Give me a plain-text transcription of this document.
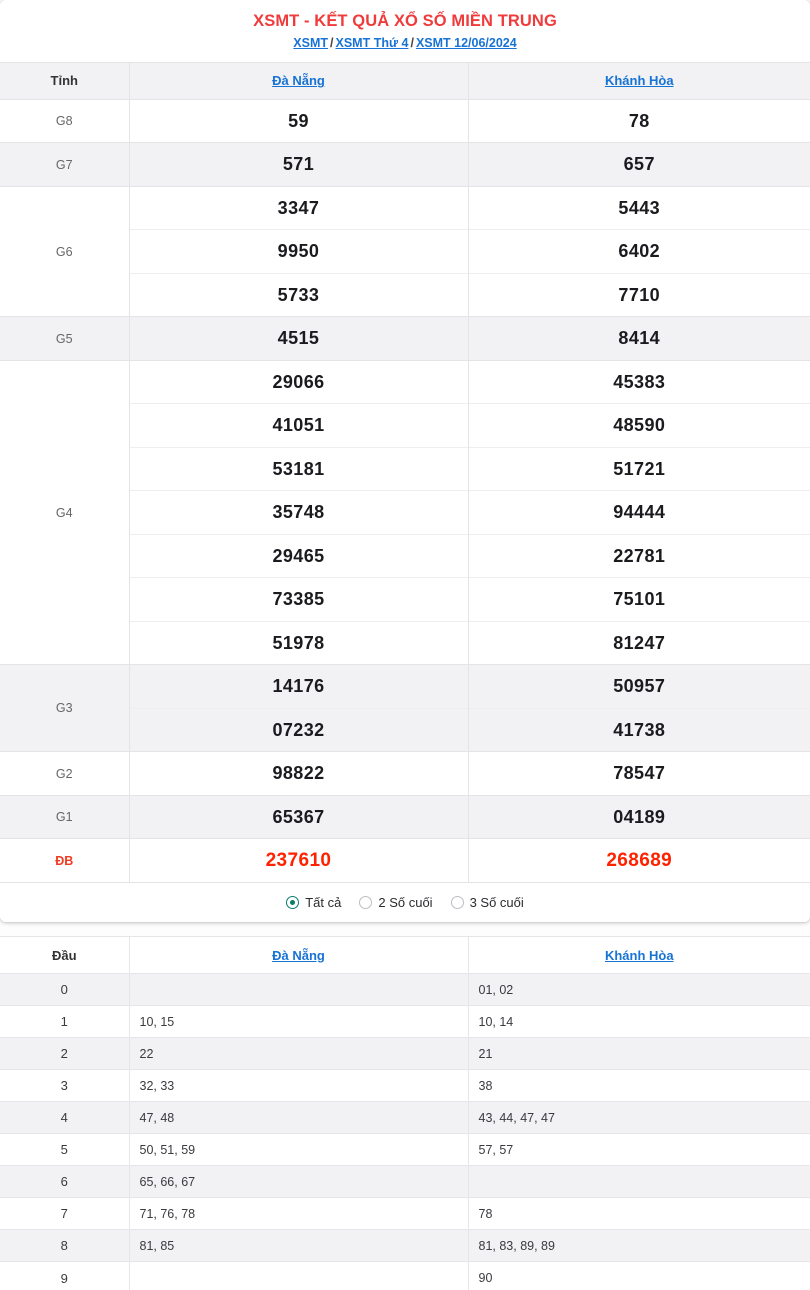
XSMT - KẾT QUẢ XỔ SỐ MIỀN TRUNG
XSMT / XSMT Thứ 4 / XSMT 12/06/2024
Tỉnh	Đà Nẵng	Khánh Hòa
G8	59	78
G7	571	657
G6	3347	5443
	9950	6402
	5733	7710
G5	4515	8414
G4	29066	45383
	41051	48590
	53181	51721
	35748	94444
	29465	22781
	73385	75101
	51978	81247
G3	14176	50957
	07232	41738
G2	98822	78547
G1	65367	04189
ĐB	237610	268689
Tất cả	2 Số cuối	3 Số cuối
Đầu	Đà Nẵng	Khánh Hòa
0		01, 02
1	10, 15	10, 14
2	22	21
3	32, 33	38
4	47, 48	43, 44, 47, 47
5	50, 51, 59	57, 57
6	65, 66, 67	
7	71, 76, 78	78
8	81, 85	81, 83, 89, 89
9		90
